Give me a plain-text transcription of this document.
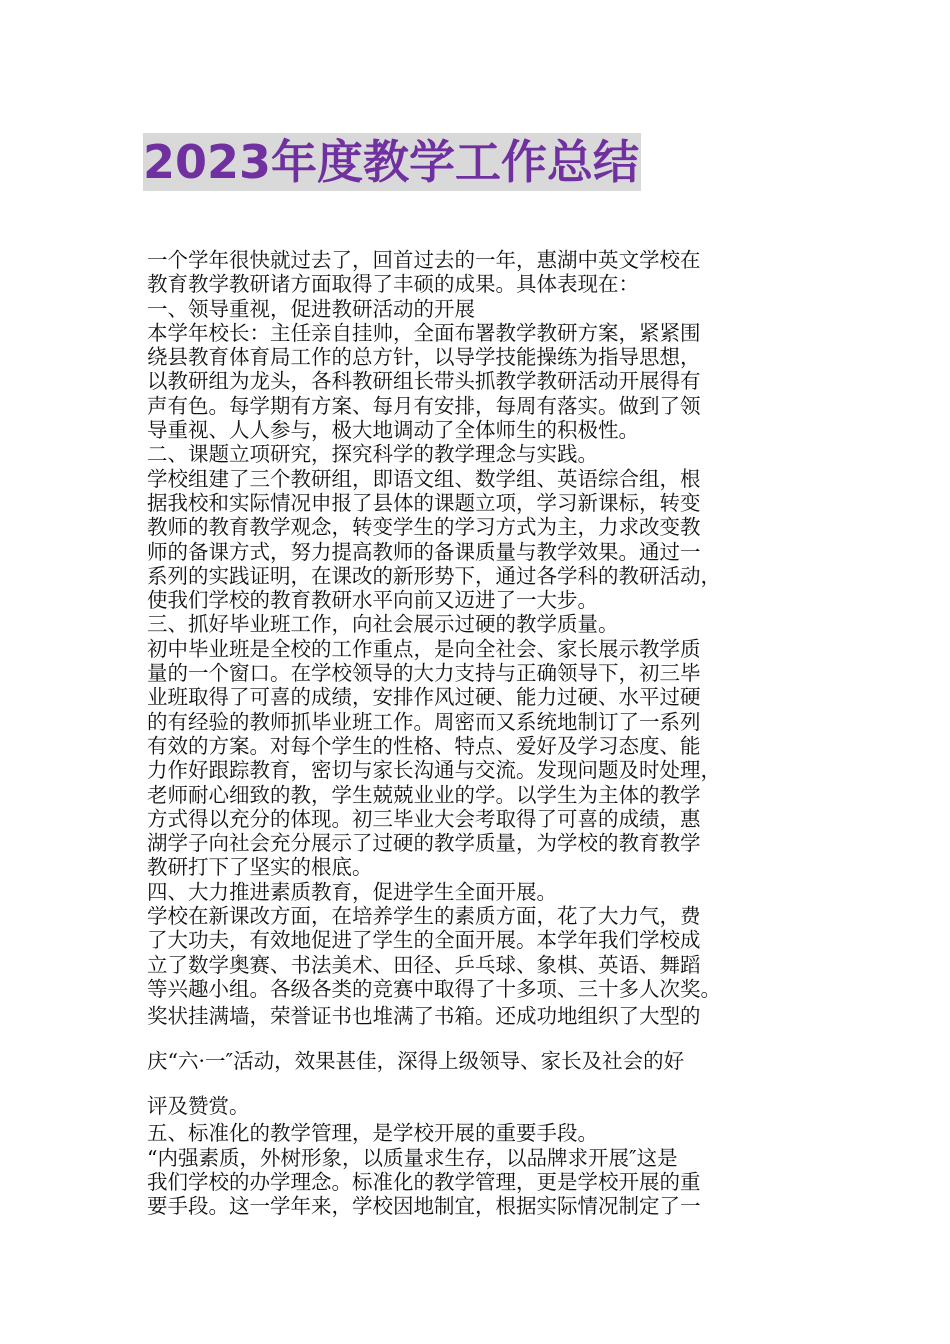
2023年度教学工作总结
一个学年很快就过去了，回首过去的一年，惠湖中英文学校在
教育教学教研诸方面取得了丰硕的成果。具体表现在：
一、领导重视，促进教研活动的开展
本学年校长：主任亲自挂帅，全面布署教学教研方案，紧紧围
绕县教育体育局工作的总方针，以导学技能操练为指导思想，
以教研组为龙头，各科教研组长带头抓教学教研活动开展得有
声有色。每学期有方案、每月有安排，每周有落实。做到了领
导重视、人人参与，极大地调动了全体师生的积极性。
二、课题立项研究，探究科学的教学理念与实践。
学校组建了三个教研组，即语文组、数学组、英语综合组，根
据我校和实际情况申报了县体的课题立项，学习新课标，转变
教师的教育教学观念，转变学生的学习方式为主，力求改变教
师的备课方式，努力提高教师的备课质量与教学效果。通过一
系列的实践证明，在课改的新形势下，通过各学科的教研活动，
使我们学校的教育教研水平向前又迈进了一大步。
三、抓好毕业班工作，向社会展示过硬的教学质量。
初中毕业班是全校的工作重点，是向全社会、家长展示教学质
量的一个窗口。在学校领导的大力支持与正确领导下，初三毕
业班取得了可喜的成绩，安排作风过硬、能力过硬、水平过硬
的有经验的教师抓毕业班工作。周密而又系统地制订了一系列
有效的方案。对每个学生的性格、特点、爱好及学习态度、能
力作好跟踪教育，密切与家长沟通与交流。发现问题及时处理，
老师耐心细致的教，学生兢兢业业的学。以学生为主体的教学
方式得以充分的体现。初三毕业大会考取得了可喜的成绩，惠
湖学子向社会充分展示了过硬的教学质量，为学校的教育教学
教研打下了坚实的根底。
四、大力推进素质教育，促进学生全面开展。
学校在新课改方面，在培养学生的素质方面，花了大力气，费
了大功夫，有效地促进了学生的全面开展。本学年我们学校成
立了数学奥赛、书法美术、田径、乒乓球、象棋、英语、舞蹈
等兴趣小组。各级各类的竞赛中取得了十多项、三十多人次奖。
奖状挂满墙，荣誉证书也堆满了书箱。还成功地组织了大型的
庆“六·一″活动，效果甚佳，深得上级领导、家长及社会的好
评及赞赏。
五、标准化的教学管理，是学校开展的重要手段。
“内强素质，外树形象，以质量求生存，以品牌求开展″这是
我们学校的办学理念。标准化的教学管理，更是学校开展的重
要手段。这一学年来，学校因地制宜，根据实际情况制定了一
